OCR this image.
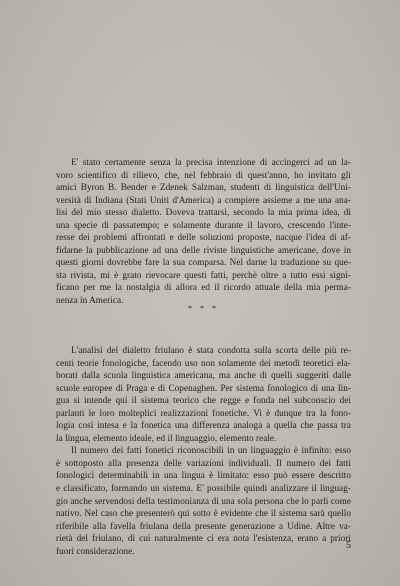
E' stato certamente senza la precisa intenzione di accingerci ad un la-

voro scientifico di rilievo, che, nel febbraio di quest'anno, ho invitato gli

amici Byron B. Bender e Zdenek Salzman, studenti di linguistica dell'Uni-

versità di Indiana (Stati Uniti d'America) a compiere assieme a me una ana-

lisi del mio stesso dialetto. Doveva trattarsi, secondo la mia prima idea, di

una specie di passatempo; e solamente durante il lavoro, crescendo l'inte-

resse dei problemi affrontati e delle soluzioni proposte, nacque l'idea di af-

fidarne la pubblicazione ad una delle riviste linguistiche americane, dove in

questi giorni dovrebbe fare la sua comparsa. Nel darne la traduzione su que-

sta rivista, mi è grato rievocare questi fatti, perchè oltre a tutto essi signi-

ficano per me la nostalgia di allora ed il ricordo attuale della mia perma-

nenza in America.

* * *

L'analisi del dialetto friulano è stata condotta sulla scorta delle più re-

centi teorie fonologiche, facendo uso non solamente dei metodi teoretici ela-

borati dalla scuola linguistica americana, ma anche di quelli suggeriti dalle

scuole europee di Praga e di Copenaghen. Per sistema fonologico di una lin-

gua si intende qui il sistema teorico che regge e fonda nel subconscio dei

parlanti le loro molteplici realizzazioni fonetiche. Vi è dunque tra la fono-

logia così intesa e la fonetica una differenza analoga a quella che passa tra

la lingua, elemento ideale, ed il linguaggio, elemento reale.

Il numero dei fatti fonetici riconoscibili in un linguaggio è infinito: esso

è sottoposto alla presenza delle variazioni individuali. Il numero dei fatti

fonologici determinabili in una lingua è limitato: esso può essere descritto

e classificato, formando un sistema. E' possibile quindi analizzare il linguag-

gio anche servendosi della testimonianza di una sola persona che lo parli come

nativo. Nel caso che presenterò qui sotto è evidente che il sistema sarà quello

riferibile alla favella friulana della presente generazione a Udine. Altre va-

rietà del friulano, di cui naturalmente ci era nota l'esistenza, erano a priori

fuori considerazione.	5
